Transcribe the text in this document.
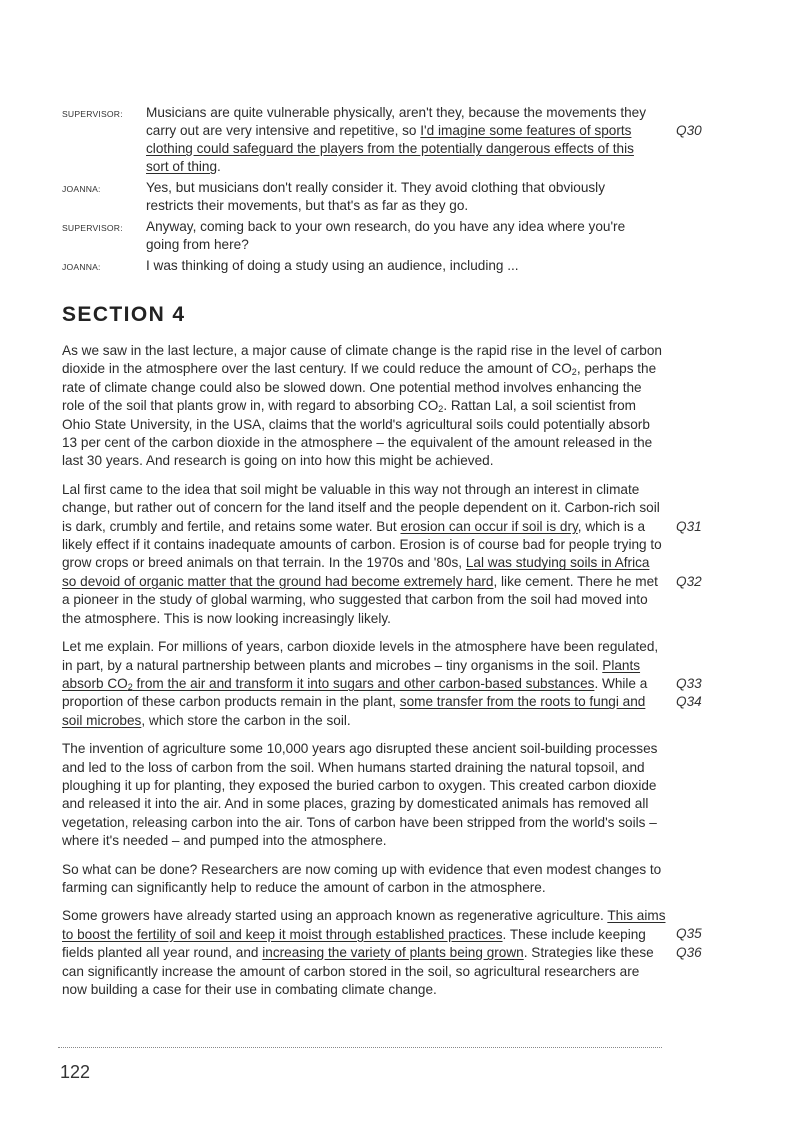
SUPERVISOR:	Musicians are quite vulnerable physically, aren't they, because the movements they carry out are very intensive and repetitive, so I'd imagine some features of sports clothing could safeguard the players from the potentially dangerous effects of this sort of thing.
Q30
JOANNA:	Yes, but musicians don't really consider it. They avoid clothing that obviously restricts their movements, but that's as far as they go.
SUPERVISOR:	Anyway, coming back to your own research, do you have any idea where you're going from here?
JOANNA:	I was thinking of doing a study using an audience, including ...
SECTION 4

As we saw in the last lecture, a major cause of climate change is the rapid rise in the level of carbon dioxide in the atmosphere over the last century. If we could reduce the amount of $CO_2$, perhaps the rate of climate change could also be slowed down. One potential method involves enhancing the role of the soil that plants grow in, with regard to absorbing $CO_2$. Rattan Lal, a soil scientist from Ohio State University, in the USA, claims that the world's agricultural soils could potentially absorb 13 per cent of the carbon dioxide in the atmosphere – the equivalent of the amount released in the last 30 years. And research is going on into how this might be achieved.

Lal first came to the idea that soil might be valuable in this way not through an interest in climate change, but rather out of concern for the land itself and the people dependent on it. Carbon-rich soil is dark, crumbly and fertile, and retains some water. But erosion can occur if soil is dry, which is a likely effect if it contains inadequate amounts of carbon. Erosion is of course bad for people trying to grow crops or breed animals on that terrain. In the 1970s and '80s, Lal was studying soils in Africa so devoid of organic matter that the ground had become extremely hard, like cement. There he met a pioneer in the study of global warming, who suggested that carbon from the soil had moved into the atmosphere. This is now looking increasingly likely.
Q31
Q32

Let me explain. For millions of years, carbon dioxide levels in the atmosphere have been regulated, in part, by a natural partnership between plants and microbes – tiny organisms in the soil. Plants absorb $CO_2$ from the air and transform it into sugars and other carbon-based substances. While a proportion of these carbon products remain in the plant, some transfer from the roots to fungi and soil microbes, which store the carbon in the soil.
Q33
Q34

The invention of agriculture some 10,000 years ago disrupted these ancient soil-building processes and led to the loss of carbon from the soil. When humans started draining the natural topsoil, and ploughing it up for planting, they exposed the buried carbon to oxygen. This created carbon dioxide and released it into the air. And in some places, grazing by domesticated animals has removed all vegetation, releasing carbon into the air. Tons of carbon have been stripped from the world's soils – where it's needed – and pumped into the atmosphere.

So what can be done? Researchers are now coming up with evidence that even modest changes to farming can significantly help to reduce the amount of carbon in the atmosphere.

Some growers have already started using an approach known as regenerative agriculture. This aims to boost the fertility of soil and keep it moist through established practices. These include keeping fields planted all year round, and increasing the variety of plants being grown. Strategies like these can significantly increase the amount of carbon stored in the soil, so agricultural researchers are now building a case for their use in combating climate change.
Q35
Q36

122
